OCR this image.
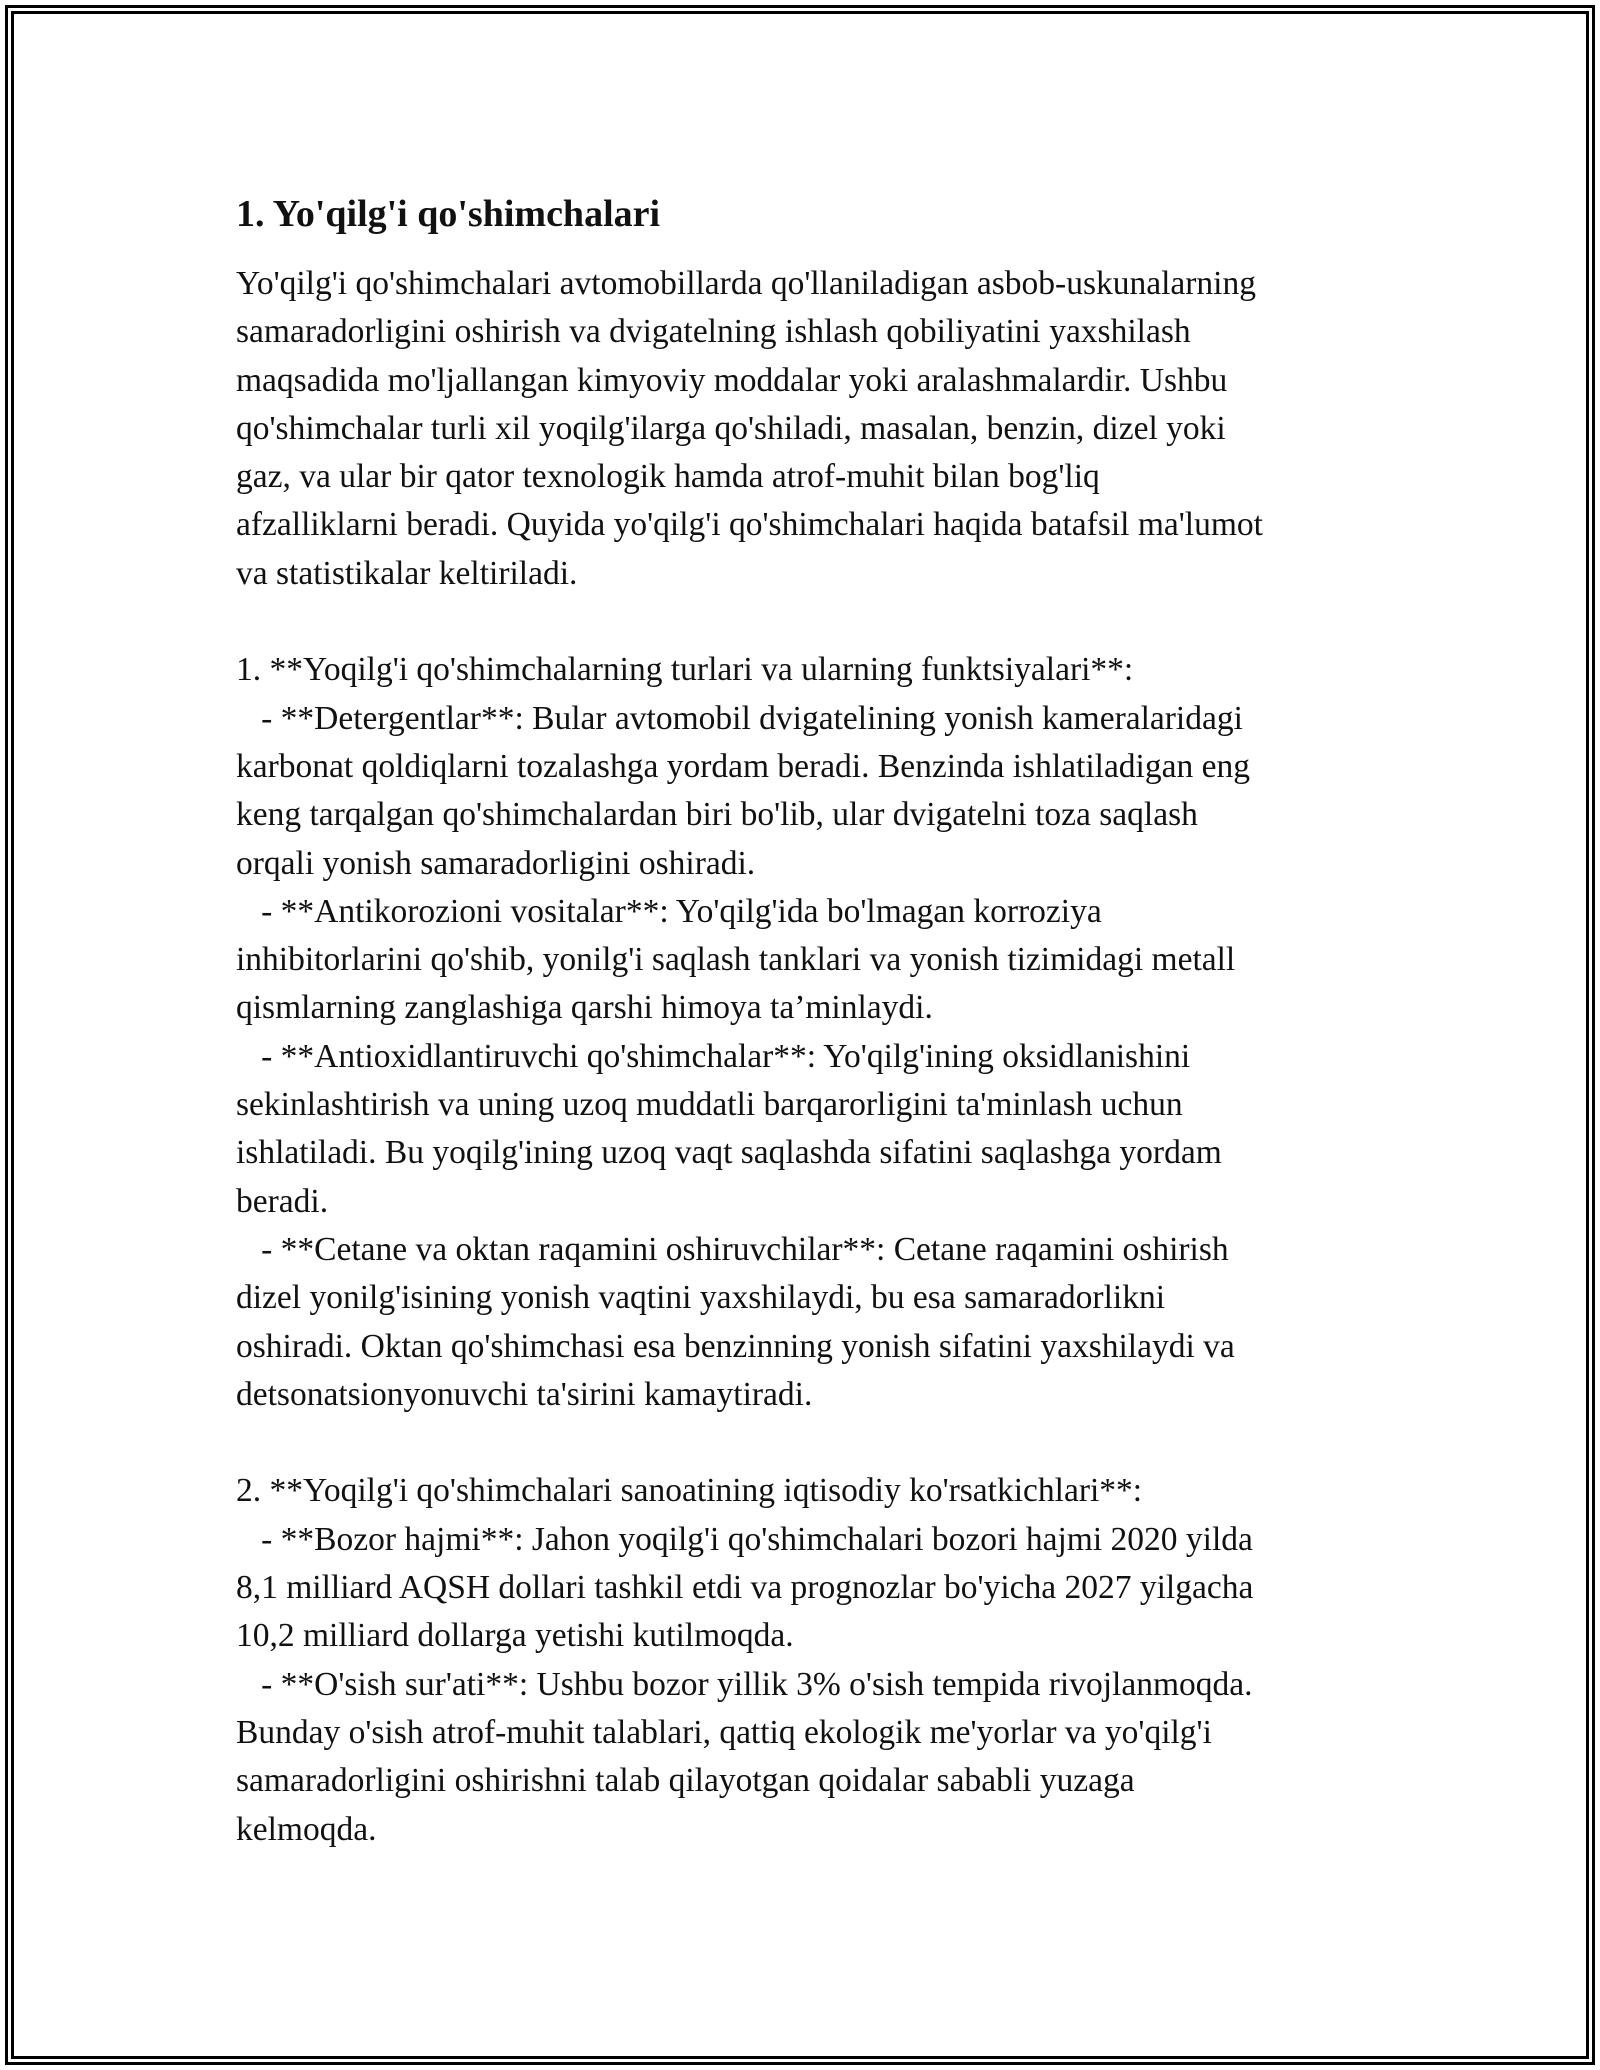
1. Yo'qilg'i qo'shimchalari
Yo'qilg'i qo'shimchalari avtomobillarda qo'llaniladigan asbob-uskunalarning
samaradorligini oshirish va dvigatelning ishlash qobiliyatini yaxshilash
maqsadida mo'ljallangan kimyoviy moddalar yoki aralashmalardir. Ushbu
qo'shimchalar turli xil yoqilg'ilarga qo'shiladi, masalan, benzin, dizel yoki
gaz, va ular bir qator texnologik hamda atrof-muhit bilan bog'liq
afzalliklarni beradi. Quyida yo'qilg'i qo'shimchalari haqida batafsil ma'lumot
va statistikalar keltiriladi.
1. **Yoqilg'i qo'shimchalarning turlari va ularning funktsiyalari**:
- **Detergentlar**: Bular avtomobil dvigatelining yonish kameralaridagi
karbonat qoldiqlarni tozalashga yordam beradi. Benzinda ishlatiladigan eng
keng tarqalgan qo'shimchalardan biri bo'lib, ular dvigatelni toza saqlash
orqali yonish samaradorligini oshiradi.
- **Antikorozioni vositalar**: Yo'qilg'ida bo'lmagan korroziya
inhibitorlarini qo'shib, yonilg'i saqlash tanklari va yonish tizimidagi metall
qismlarning zanglashiga qarshi himoya ta’minlaydi.
- **Antioxidlantiruvchi qo'shimchalar**: Yo'qilg'ining oksidlanishini
sekinlashtirish va uning uzoq muddatli barqarorligini ta'minlash uchun
ishlatiladi. Bu yoqilg'ining uzoq vaqt saqlashda sifatini saqlashga yordam
beradi.
- **Cetane va oktan raqamini oshiruvchilar**: Cetane raqamini oshirish
dizel yonilg'isining yonish vaqtini yaxshilaydi, bu esa samaradorlikni
oshiradi. Oktan qo'shimchasi esa benzinning yonish sifatini yaxshilaydi va
detsonatsionyonuvchi ta'sirini kamaytiradi.
2. **Yoqilg'i qo'shimchalari sanoatining iqtisodiy ko'rsatkichlari**:
- **Bozor hajmi**: Jahon yoqilg'i qo'shimchalari bozori hajmi 2020 yilda
8,1 milliard AQSH dollari tashkil etdi va prognozlar bo'yicha 2027 yilgacha
10,2 milliard dollarga yetishi kutilmoqda.
- **O'sish sur'ati**: Ushbu bozor yillik 3% o'sish tempida rivojlanmoqda.
Bunday o'sish atrof-muhit talablari, qattiq ekologik me'yorlar va yo'qilg'i
samaradorligini oshirishni talab qilayotgan qoidalar sababli yuzaga
kelmoqda.
